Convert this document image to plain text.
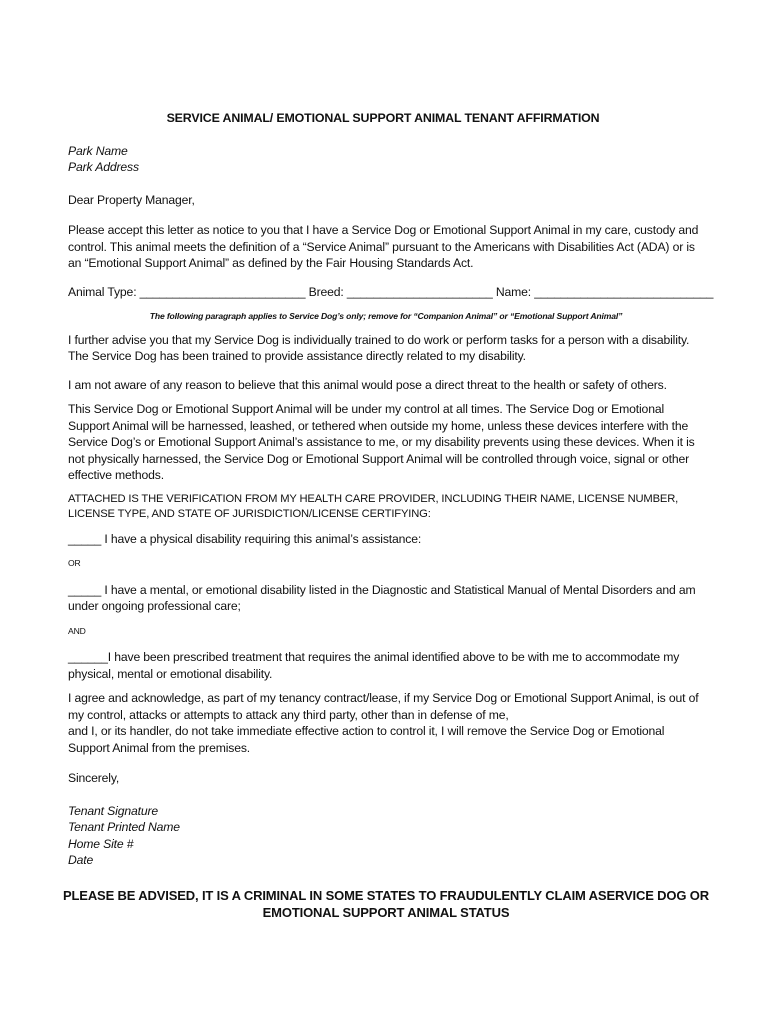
SERVICE ANIMAL/ EMOTIONAL SUPPORT ANIMAL TENANT AFFIRMATION
Park Name
Park Address
Dear Property Manager,
Please accept this letter as notice to you that I have a Service Dog or Emotional Support Animal in my care, custody and control. This animal meets the definition of a “Service Animal” pursuant to the Americans with Disabilities Act (ADA) or is an “Emotional Support Animal” as defined by the Fair Housing Standards Act.
Animal Type: _________________________ Breed: ______________________ Name: ___________________________
The following paragraph applies to Service Dog’s only; remove for “Companion Animal” or “Emotional Support Animal”
I further advise you that my Service Dog is individually trained to do work or perform tasks for a person with a disability. The Service Dog has been trained to provide assistance directly related to my disability.
I am not aware of any reason to believe that this animal would pose a direct threat to the health or safety of others.
This Service Dog or Emotional Support Animal will be under my control at all times. The Service Dog or Emotional Support Animal will be harnessed, leashed, or tethered when outside my home, unless these devices interfere with the Service Dog’s or Emotional Support Animal’s assistance to me, or my disability prevents using these devices. When it is not physically harnessed, the Service Dog or Emotional Support Animal will be controlled through voice, signal or other effective methods.
ATTACHED IS THE VERIFICATION FROM MY HEALTH CARE PROVIDER, INCLUDING THEIR NAME, LICENSE NUMBER, LICENSE TYPE, AND STATE OF JURISDICTION/LICENSE CERTIFYING:
_____ I have a physical disability requiring this animal’s assistance:
OR
_____ I have a mental, or emotional disability listed in the Diagnostic and Statistical Manual of Mental Disorders and am under ongoing professional care;
AND
______I have been prescribed treatment that requires the animal identified above to be with me to accommodate my physical, mental or emotional disability.
I agree and acknowledge, as part of my tenancy contract/lease, if my Service Dog or Emotional Support Animal, is out of my control, attacks or attempts to attack any third party, other than in defense of me,
and I, or its handler, do not take immediate effective action to control it, I will remove the Service Dog or Emotional Support Animal from the premises.
Sincerely,
Tenant Signature
Tenant Printed Name
Home Site #
Date
PLEASE BE ADVISED, IT IS A CRIMINAL IN SOME STATES TO FRAUDULENTLY CLAIM ASERVICE DOG OR
EMOTIONAL SUPPORT ANIMAL STATUS
